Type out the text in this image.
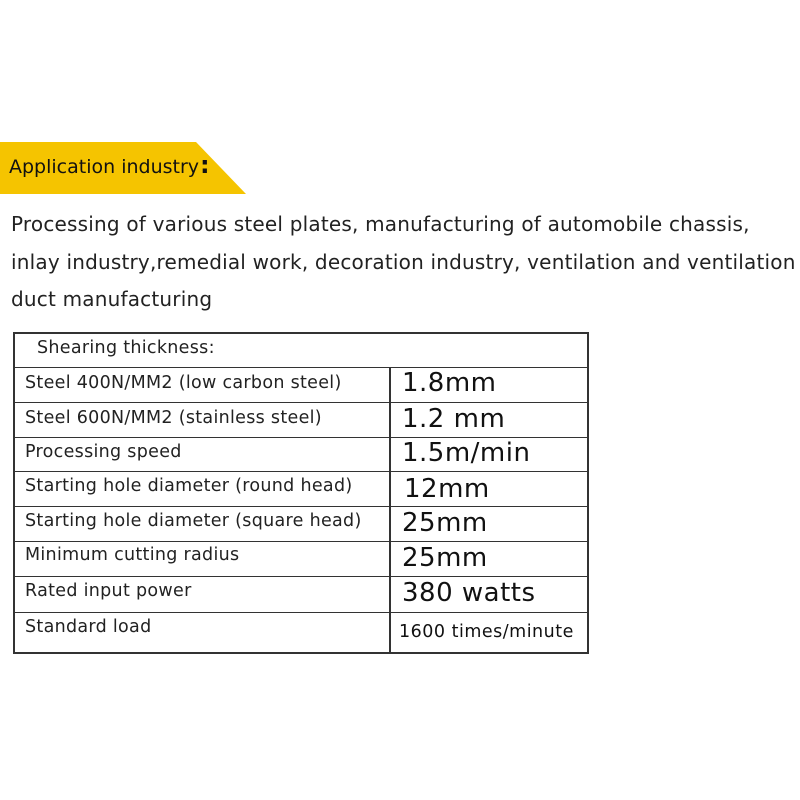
Application industry :

Processing of various steel plates, manufacturing of automobile chassis,

inlay industry,remedial work, decoration industry, ventilation and ventilation

duct manufacturing

Shearing thickness:
Steel 400N/MM2 (low carbon steel) 1.8mm
Steel 600N/MM2 (stainless steel)	1.2 mm
Processing speed	1.5m/min
Starting hole diameter (round head) 12mm
Starting hole diameter (square head) 25mm
Minimum cutting radius	25mm
Rated input power	380 watts
Standard load	1600 times/minute
